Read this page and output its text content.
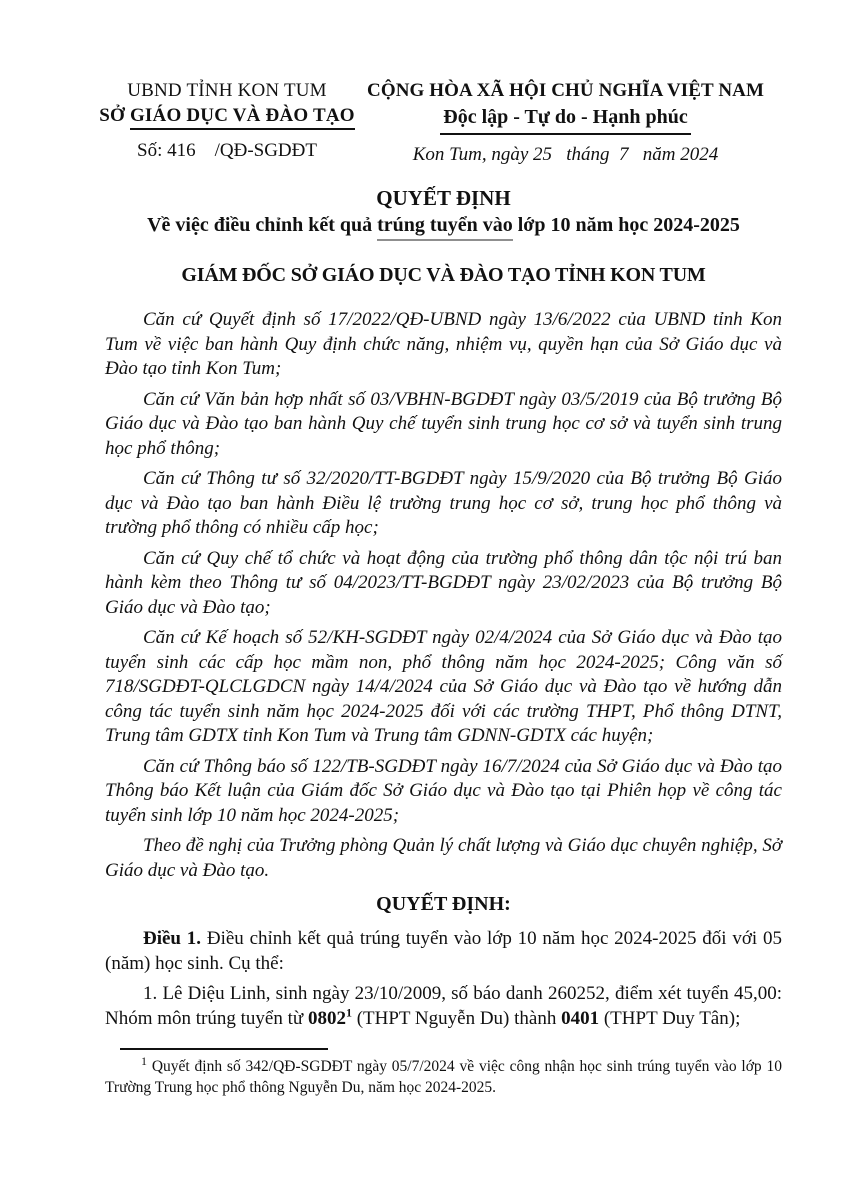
UBND TỈNH KON TUM
SỞ GIÁO DỤC VÀ ĐÀO TẠO
Số: 416    /QĐ-SGDĐT
CỘNG HÒA XÃ HỘI CHỦ NGHĨA VIỆT NAM
Độc lập - Tự do - Hạnh phúc
Kon Tum, ngày 25   tháng  7   năm 2024
QUYẾT ĐỊNH
Về việc điều chỉnh kết quả trúng tuyển vào lớp 10 năm học 2024-2025
GIÁM ĐỐC SỞ GIÁO DỤC VÀ ĐÀO TẠO TỈNH KON TUM

Căn cứ Quyết định số 17/2022/QĐ-UBND ngày 13/6/2022 của UBND tỉnh Kon Tum về việc ban hành Quy định chức năng, nhiệm vụ, quyền hạn của Sở Giáo dục và Đào tạo tỉnh Kon Tum;

Căn cứ Văn bản hợp nhất số 03/VBHN-BGDĐT ngày 03/5/2019 của Bộ trưởng Bộ Giáo dục và Đào tạo ban hành Quy chế tuyển sinh trung học cơ sở và tuyển sinh trung học phổ thông;

Căn cứ Thông tư số 32/2020/TT-BGDĐT ngày 15/9/2020 của Bộ trưởng Bộ Giáo dục và Đào tạo ban hành Điều lệ trường trung học cơ sở, trung học phổ thông và trường phổ thông có nhiều cấp học;

Căn cứ Quy chế tổ chức và hoạt động của trường phổ thông dân tộc nội trú ban hành kèm theo Thông tư số 04/2023/TT-BGDĐT ngày 23/02/2023 của Bộ trưởng Bộ Giáo dục và Đào tạo;

Căn cứ Kế hoạch số 52/KH-SGDĐT ngày 02/4/2024 của Sở Giáo dục và Đào tạo tuyển sinh các cấp học mầm non, phổ thông năm học 2024-2025; Công văn số 718/SGDĐT-QLCLGDCN ngày 14/4/2024 của Sở Giáo dục và Đào tạo về hướng dẫn công tác tuyển sinh năm học 2024-2025 đối với các trường THPT, Phổ thông DTNT, Trung tâm GDTX tỉnh Kon Tum và Trung tâm GDNN-GDTX các huyện;

Căn cứ Thông báo số 122/TB-SGDĐT ngày 16/7/2024 của Sở Giáo dục và Đào tạo Thông báo Kết luận của Giám đốc Sở Giáo dục và Đào tạo tại Phiên họp về công tác tuyển sinh lớp 10 năm học 2024-2025;

Theo đề nghị của Trưởng phòng Quản lý chất lượng và Giáo dục chuyên nghiệp, Sở Giáo dục và Đào tạo.

QUYẾT ĐỊNH:

Điều 1. Điều chỉnh kết quả trúng tuyển vào lớp 10 năm học 2024-2025 đối với 05 (năm) học sinh. Cụ thể:

1. Lê Diệu Linh, sinh ngày 23/10/2009, số báo danh 260252, điểm xét tuyển 45,00: Nhóm môn trúng tuyển từ 0802$^1$ (THPT Nguyễn Du) thành 0401 (THPT Duy Tân);

$^1$ Quyết định số 342/QĐ-SGDĐT ngày 05/7/2024 về việc công nhận học sinh trúng tuyển vào lớp 10 Trường Trung học phổ thông Nguyễn Du, năm học 2024-2025.
